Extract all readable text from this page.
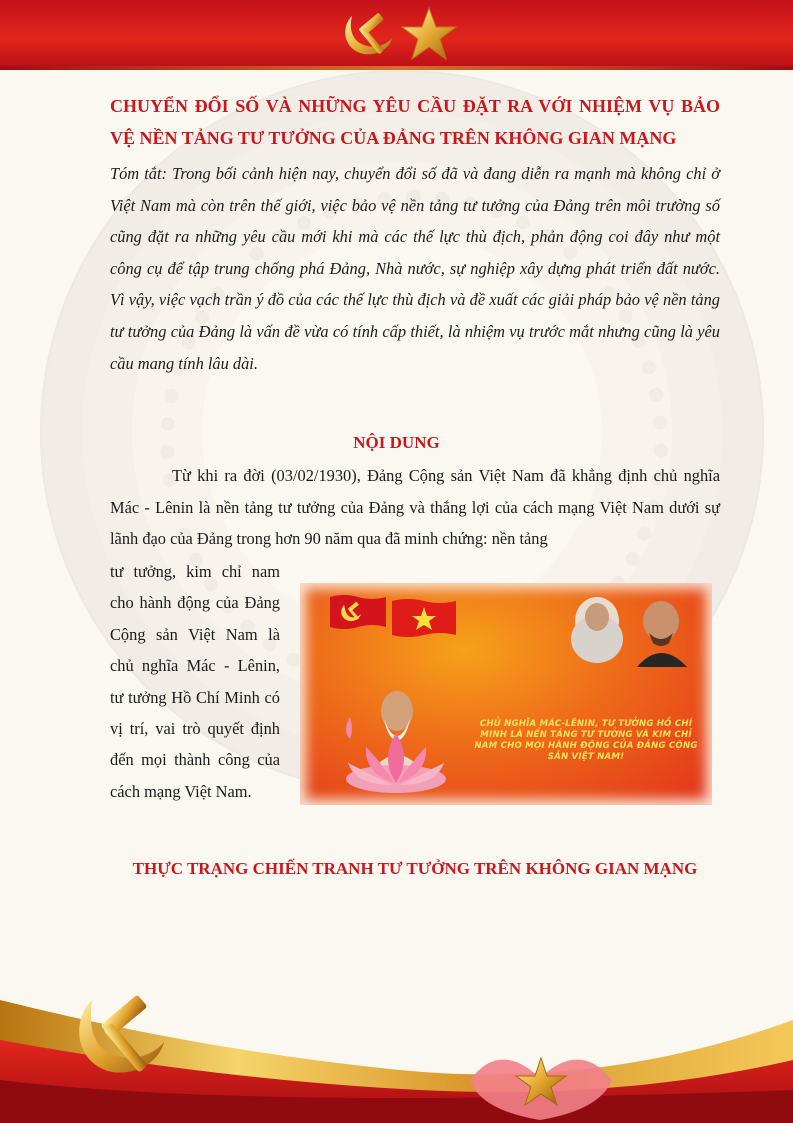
CHUYỂN ĐỔI SỐ VÀ NHỮNG YÊU CẦU ĐẶT RA VỚI NHIỆM VỤ BẢO VỆ NỀN TẢNG TƯ TƯỞNG CỦA ĐẢNG TRÊN KHÔNG GIAN MẠNG

Tóm tắt: Trong bối cảnh hiện nay, chuyển đổi số đã và đang diễn ra mạnh mà không chỉ ở Việt Nam mà còn trên thế giới, việc bảo vệ nền tảng tư tưởng của Đảng trên môi trường số cũng đặt ra những yêu cầu mới khi mà các thế lực thù địch, phản động coi đây như một công cụ để tập trung chống phá Đảng, Nhà nước, sự nghiệp xây dựng phát triển đất nước. Vì vậy, việc vạch trần ý đồ của các thế lực thù địch và đề xuất các giải pháp bảo vệ nền tảng tư tưởng của Đảng là vấn đề vừa có tính cấp thiết, là nhiệm vụ trước mắt nhưng cũng là yêu cầu mang tính lâu dài.

NỘI DUNG

Từ khi ra đời (03/02/1930), Đảng Cộng sản Việt Nam đã khẳng định chủ nghĩa Mác - Lênin là nền tảng tư tưởng của Đảng và thắng lợi của cách mạng Việt Nam dưới sự lãnh đạo của Đảng trong hơn 90 năm qua đã minh chứng: nền tảng

tư tưởng, kim chỉ nam cho hành động của Đảng Cộng sản Việt Nam là chủ nghĩa Mác - Lênin, tư tưởng Hồ Chí Minh có vị trí, vai trò quyết định đến mọi thành công của cách mạng Việt Nam.

CHỦ NGHĨA MÁC-LÊNIN, TƯ TƯỞNG HỒ CHÍ MINH LÀ NỀN TẢNG TƯ TƯỞNG VÀ KIM CHỈ NAM CHO MỌI HÀNH ĐỘNG CỦA ĐẢNG CỘNG SẢN VIỆT NAM!

THỰC TRẠNG CHIẾN TRANH TƯ TƯỞNG TRÊN KHÔNG GIAN MẠNG
